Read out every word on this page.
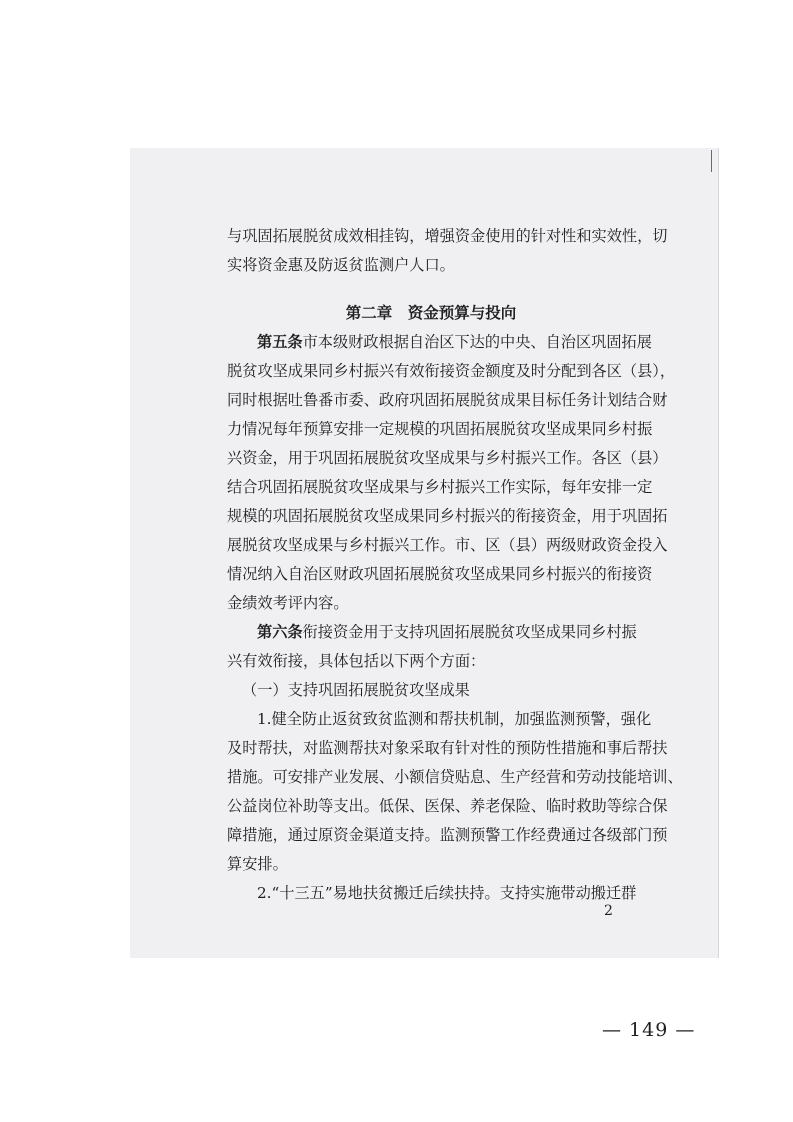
与巩固拓展脱贫成效相挂钩，增强资金使用的针对性和实效性，切
实将资金惠及防返贫监测户人口。
第二章　资金预算与投向
第五条市本级财政根据自治区下达的中央、自治区巩固拓展
脱贫攻坚成果同乡村振兴有效衔接资金额度及时分配到各区（县），
同时根据吐鲁番市委、政府巩固拓展脱贫成果目标任务计划结合财
力情况每年预算安排一定规模的巩固拓展脱贫攻坚成果同乡村振
兴资金，用于巩固拓展脱贫攻坚成果与乡村振兴工作。各区（县）
结合巩固拓展脱贫攻坚成果与乡村振兴工作实际，每年安排一定
规模的巩固拓展脱贫攻坚成果同乡村振兴的衔接资金，用于巩固拓
展脱贫攻坚成果与乡村振兴工作。市、区（县）两级财政资金投入
情况纳入自治区财政巩固拓展脱贫攻坚成果同乡村振兴的衔接资
金绩效考评内容。
第六条衔接资金用于支持巩固拓展脱贫攻坚成果同乡村振
兴有效衔接，具体包括以下两个方面：
（一）支持巩固拓展脱贫攻坚成果
1.健全防止返贫致贫监测和帮扶机制，加强监测预警，强化
及时帮扶，对监测帮扶对象采取有针对性的预防性措施和事后帮扶
措施。可安排产业发展、小额信贷贴息、生产经营和劳动技能培训、
公益岗位补助等支出。低保、医保、养老保险、临时救助等综合保
障措施，通过原资金渠道支持。监测预警工作经费通过各级部门预
算安排。
2.“十三五”易地扶贫搬迁后续扶持。支持实施带动搬迁群
2
— 149 —
